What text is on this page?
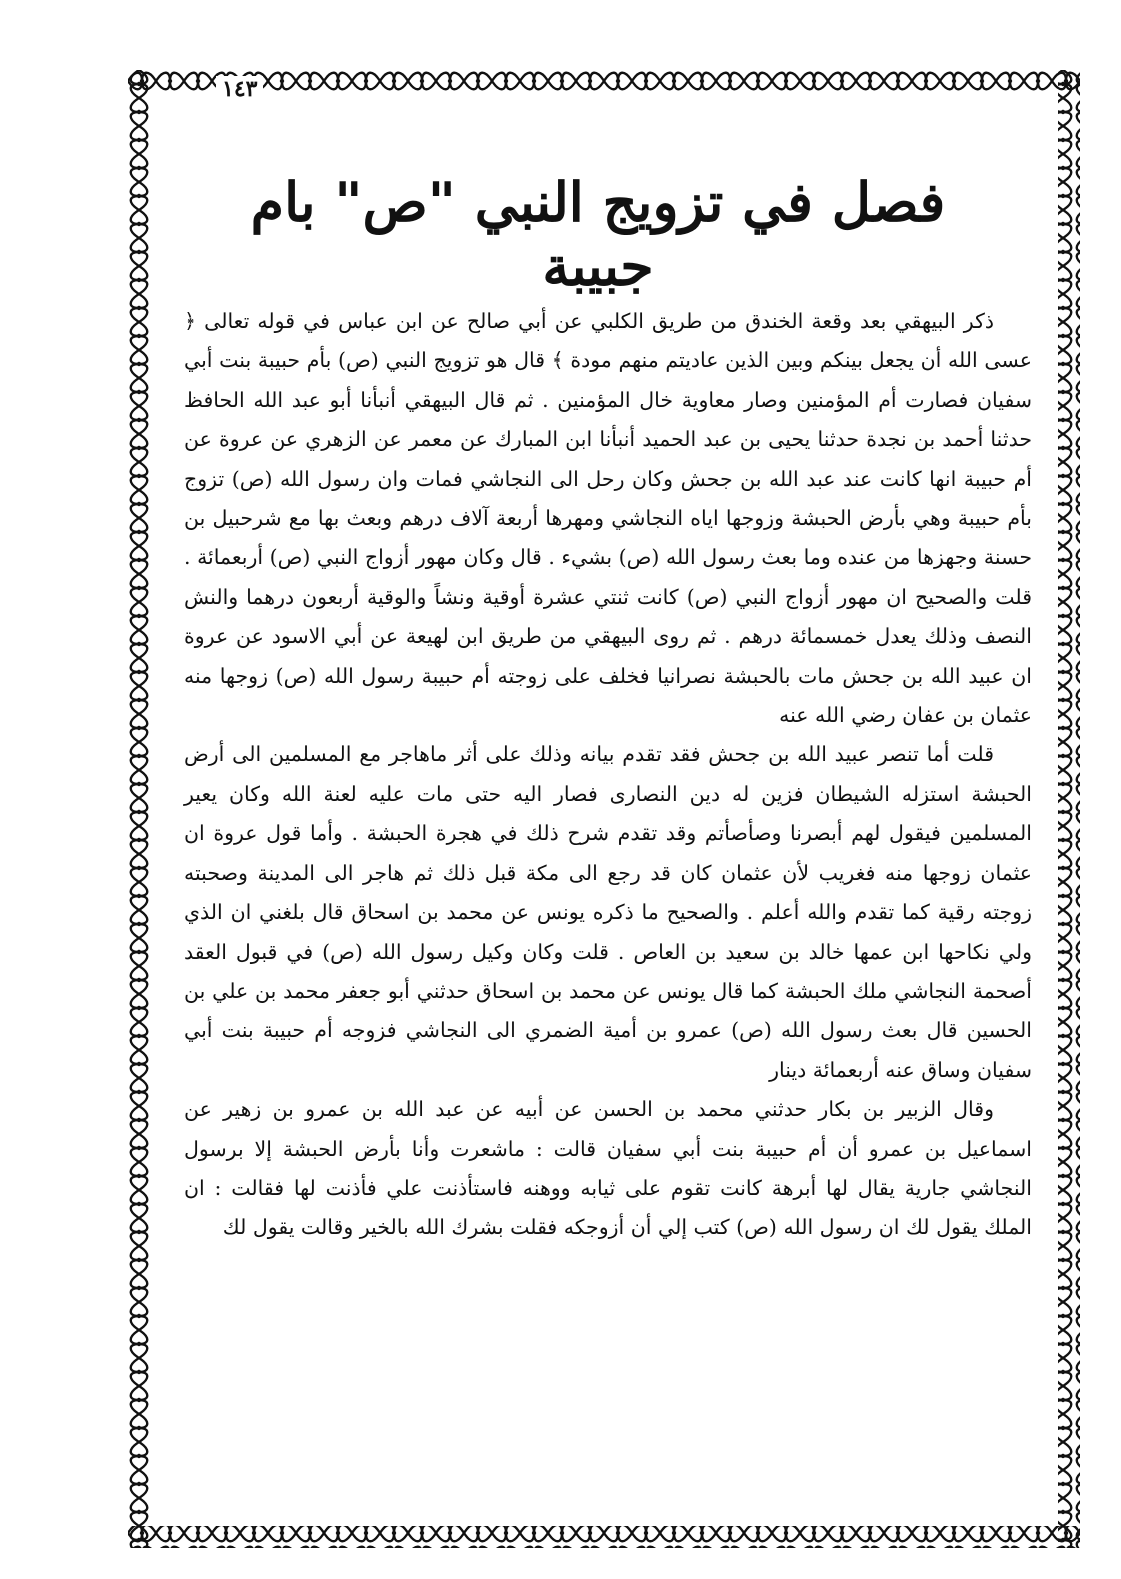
١٤٣
فصل في تزويج النبي "ص" بام جبيبة

ذكر البيهقي بعد وقعة الخندق من طريق الكلبي عن أبي صالح عن ابن عباس في قوله تعالى ﴿ عسى الله أن يجعل بينكم وبين الذين عاديتم منهم مودة ﴾ قال هو تزويج النبي (ص) بأم حبيبة بنت أبي سفيان فصارت أم المؤمنين وصار معاوية خال المؤمنين . ثم قال البيهقي أنبأنا أبو عبد الله الحافظ حدثنا أحمد بن نجدة حدثنا يحيى بن عبد الحميد أنبأنا ابن المبارك عن معمر عن الزهري عن عروة عن أم حبيبة انها كانت عند عبد الله بن جحش وكان رحل الى النجاشي فمات وان رسول الله (ص) تزوج بأم حبيبة وهي بأرض الحبشة وزوجها اياه النجاشي ومهرها أربعة آلاف درهم وبعث بها مع شرحبيل بن حسنة وجهزها من عنده وما بعث رسول الله (ص) بشيء . قال وكان مهور أزواج النبي (ص) أربعمائة . قلت والصحيح ان مهور أزواج النبي (ص) كانت ثنتي عشرة أوقية ونشاً والوقية أربعون درهما والنش النصف وذلك يعدل خمسمائة درهم . ثم روى البيهقي من طريق ابن لهيعة عن أبي الاسود عن عروة ان عبيد الله بن جحش مات بالحبشة نصرانيا فخلف على زوجته أم حبيبة رسول الله (ص) زوجها منه عثمان بن عفان رضي الله عنه

قلت أما تنصر عبيد الله بن جحش فقد تقدم بيانه وذلك على أثر ماهاجر مع المسلمين الى أرض الحبشة استزله الشيطان فزين له دين النصارى فصار اليه حتى مات عليه لعنة الله وكان يعير المسلمين فيقول لهم أبصرنا وصأصأتم وقد تقدم شرح ذلك في هجرة الحبشة . وأما قول عروة ان عثمان زوجها منه فغريب لأن عثمان كان قد رجع الى مكة قبل ذلك ثم هاجر الى المدينة وصحبته زوجته رقية كما تقدم والله أعلم . والصحيح ما ذكره يونس عن محمد بن اسحاق قال بلغني ان الذي ولي نكاحها ابن عمها خالد بن سعيد بن العاص . قلت وكان وكيل رسول الله (ص) في قبول العقد أصحمة النجاشي ملك الحبشة كما قال يونس عن محمد بن اسحاق حدثني أبو جعفر محمد بن علي بن الحسين قال بعث رسول الله (ص) عمرو بن أمية الضمري الى النجاشي فزوجه أم حبيبة بنت أبي سفيان وساق عنه أربعمائة دينار

وقال الزبير بن بكار حدثني محمد بن الحسن عن أبيه عن عبد الله بن عمرو بن زهير عن اسماعيل بن عمرو أن أم حبيبة بنت أبي سفيان قالت : ماشعرت وأنا بأرض الحبشة إلا برسول النجاشي جارية يقال لها أبرهة كانت تقوم على ثيابه ووهنه فاستأذنت علي فأذنت لها فقالت : ان الملك يقول لك ان رسول الله (ص) كتب إلي أن أزوجكه فقلت بشرك الله بالخير وقالت يقول لك
